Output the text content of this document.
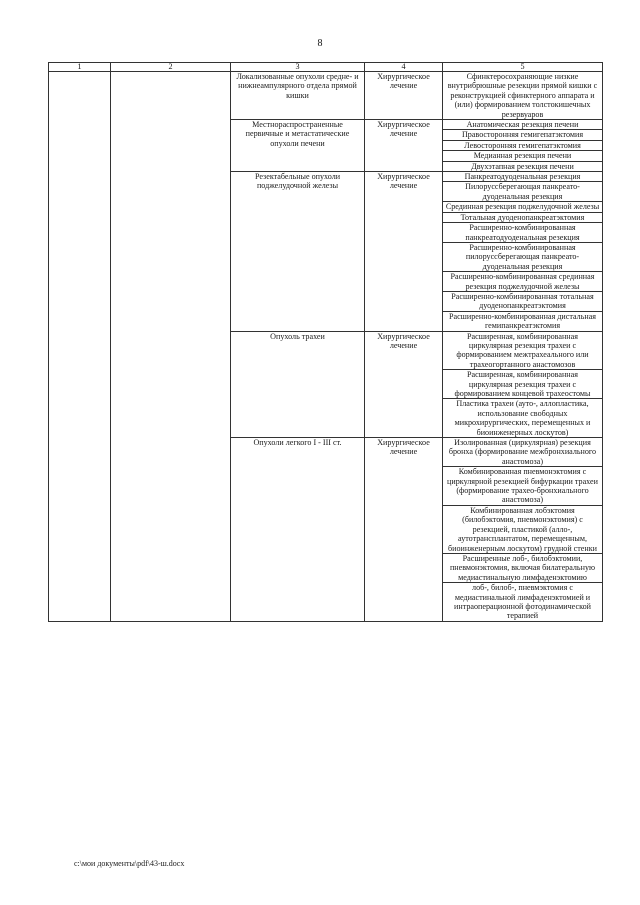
8
1	2	3	4	5
		Локализованные опухоли средне- и нижнеампулярного отдела прямой кишки	Хирургическое лечение	Сфинктеросохраняющие низкие внутрибрюшные резекции прямой кишки с реконструкцией сфинктерного аппарата и (или) формированием толстокишечных резервуаров
		Местнораспространенные первичные и метастатические опухоли печени	Хирургическое лечение	Анатомическая резекция печени
				Правосторонняя гемигепатэктомия
				Левосторонняя гемигепатэктомия
				Медианная резекция печени
				Двухэтапная резекция печени
		Резектабельные опухоли поджелудочной железы	Хирургическое лечение	Панкреатодуоденальная резекция
				Пилоруссберегающая панкреато-дуоденальная резекция
				Срединная резекция поджелудочной железы
				Тотальная дуоденопанкреатэктомия
				Расширенно-комбинированная панкреатодуоденальная резекция
				Расширенно-комбинированная пилоруссберегающая панкреато-дуоденальная резекция
				Расширенно-комбинированная срединная резекция поджелудочной железы
				Расширенно-комбинированная тотальная дуоденопанкреатэктомия
				Расширенно-комбинированная дистальная гемипанкреатэктомия
		Опухоль трахеи	Хирургическое лечение	Расширенная, комбинированная циркулярная резекция трахеи с формированием межтрахеального или трахеогортанного анастомозов
				Расширенная, комбинированная циркулярная резекция трахеи с формированием концевой трахеостомы
				Пластика трахеи (ауто-, аллопластика, использование свободных микрохирургических, перемещенных и биоинженерных лоскутов)
		Опухоли легкого I - III ст.	Хирургическое лечение	Изолированная (циркулярная) резекция бронха (формирование межбронхиального анастомоза)
				Комбинированная пневмонэктомия с циркулярной резекцией бифуркации трахеи (формирование трахео-бронхиального анастомоза)
				Комбинированная лобэктомия (билобэктомия, пневмонэктомия) с резекцией, пластикой (алло-, аутотрансплантатом, перемещенным, биоинженерным лоскутом) грудной стенки
				Расширенные лоб-, билобэктомии, пневмонэктомия, включая билатеральную медиастинальную лимфаденэктомию
				лоб-, билоб-, пневмэктомия с медиастинальной лимфаденэктомией и интраоперационной фотодинамической терапией
c:\мои документы\pdf\43-ш.docx
